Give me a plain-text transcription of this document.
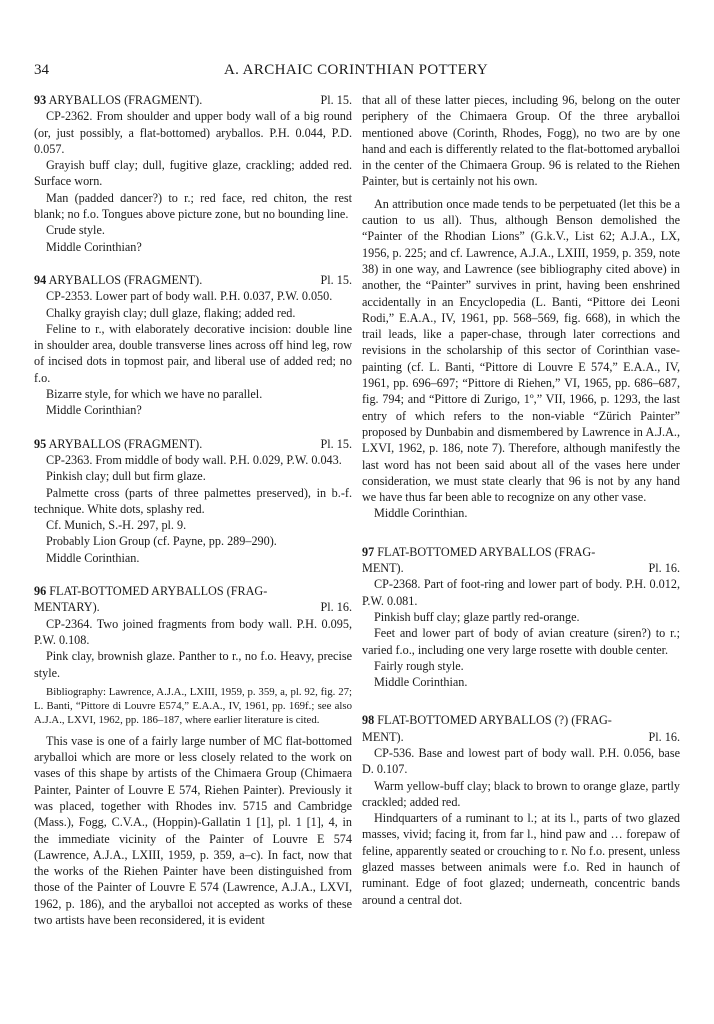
34	A. ARCHAIC CORINTHIAN POTTERY
93 ARYBALLOS (FRAGMENT).	Pl. 15.

CP-2362. From shoulder and upper body wall of a big round (or, just possibly, a flat-bottomed) aryballos. P.H. 0.044, P.D. 0.057.

Grayish buff clay; dull, fugitive glaze, crackling; added red. Surface worn.

Man (padded dancer?) to r.; red face, red chiton, the rest blank; no f.o. Tongues above picture zone, but no bounding line.

Crude style.

Middle Corinthian?

94 ARYBALLOS (FRAGMENT).	Pl. 15.

CP-2353. Lower part of body wall. P.H. 0.037, P.W. 0.050.

Chalky grayish clay; dull glaze, flaking; added red.

Feline to r., with elaborately decorative incision: double line in shoulder area, double transverse lines across off hind leg, row of incised dots in topmost pair, and liberal use of added red; no f.o.

Bizarre style, for which we have no parallel.

Middle Corinthian?

95 ARYBALLOS (FRAGMENT).	Pl. 15.

CP-2363. From middle of body wall. P.H. 0.029, P.W. 0.043.

Pinkish clay; dull but firm glaze.

Palmette cross (parts of three palmettes preserved), in b.-f. technique. White dots, splashy red.

Cf. Munich, S.-H. 297, pl. 9.

Probably Lion Group (cf. Payne, pp. 289–290).

Middle Corinthian.

96 FLAT-BOTTOMED ARYBALLOS (FRAG-
MENTARY).	Pl. 16.

CP-2364. Two joined fragments from body wall. P.H. 0.095, P.W. 0.108.

Pink clay, brownish glaze. Panther to r., no f.o. Heavy, precise style.

Bibliography: Lawrence, A.J.A., LXIII, 1959, p. 359, a, pl. 92, fig. 27; L. Banti, “Pittore di Louvre E574,” E.A.A., IV, 1961, pp. 169f.; see also A.J.A., LXVI, 1962, pp. 186–187, where earlier literature is cited.

This vase is one of a fairly large number of MC flat-bottomed aryballoi which are more or less closely related to the work on vases of this shape by artists of the Chimaera Group (Chimaera Painter, Painter of Louvre E 574, Riehen Painter). Previously it was placed, together with Rhodes inv. 5715 and Cambridge (Mass.), Fogg, C.V.A., (Hoppin)-Gallatin 1 [1], pl. 1 [1], 4, in the immediate vicinity of the Painter of Louvre E 574 (Lawrence, A.J.A., LXIII, 1959, p. 359, a–c). In fact, now that the works of the Riehen Painter have been distinguished from those of the Painter of Louvre E 574 (Lawrence, A.J.A., LXVI, 1962, p. 186), and the aryballoi not accepted as works of these two artists have been reconsidered, it is evident

that all of these latter pieces, including 96, belong on the outer periphery of the Chimaera Group. Of the three aryballoi mentioned above (Corinth, Rhodes, Fogg), no two are by one hand and each is differently related to the flat-bottomed aryballoi in the center of the Chimaera Group. 96 is related to the Riehen Painter, but is certainly not his own.

An attribution once made tends to be perpetuated (let this be a caution to us all). Thus, although Benson demolished the “Painter of the Rhodian Lions” (G.k.V., List 62; A.J.A., LX, 1956, p. 225; and cf. Lawrence, A.J.A., LXIII, 1959, p. 359, note 38) in one way, and Lawrence (see bibliography cited above) in another, the “Painter” survives in print, having been enshrined accidentally in an Encyclopedia (L. Banti, “Pittore dei Leoni Rodi,” E.A.A., IV, 1961, pp. 568–569, fig. 668), in which the trail leads, like a paper-chase, through later corrections and revisions in the scholarship of this sector of Corinthian vase-painting (cf. L. Banti, “Pittore di Louvre E 574,” E.A.A., IV, 1961, pp. 696–697; “Pittore di Riehen,” VI, 1965, pp. 686–687, fig. 794; and “Pittore di Zurigo, 1º,” VII, 1966, p. 1293, the last entry of which refers to the non-viable “Zürich Painter” proposed by Dunbabin and dismembered by Lawrence in A.J.A., LXVI, 1962, p. 186, note 7). Therefore, although manifestly the last word has not been said about all of the vases here under consideration, we must state clearly that 96 is not by any hand we have thus far been able to recognize on any other vase.

Middle Corinthian.

97 FLAT-BOTTOMED ARYBALLOS (FRAG-
MENT).	Pl. 16.

CP-2368. Part of foot-ring and lower part of body. P.H. 0.012, P.W. 0.081.

Pinkish buff clay; glaze partly red-orange.

Feet and lower part of body of avian creature (siren?) to r.; varied f.o., including one very large rosette with double center.

Fairly rough style.

Middle Corinthian.

98 FLAT-BOTTOMED ARYBALLOS (?) (FRAG-
MENT).	Pl. 16.

CP-536. Base and lowest part of body wall. P.H. 0.056, base D. 0.107.

Warm yellow-buff clay; black to brown to orange glaze, partly crackled; added red.

Hindquarters of a ruminant to l.; at its l., parts of two glazed masses, vivid; facing it, from far l., hind paw and … forepaw of feline, apparently seated or crouching to r. No f.o. present, unless glazed masses between animals were f.o. Red in haunch of ruminant. Edge of foot glazed; underneath, concentric bands around a central dot.
